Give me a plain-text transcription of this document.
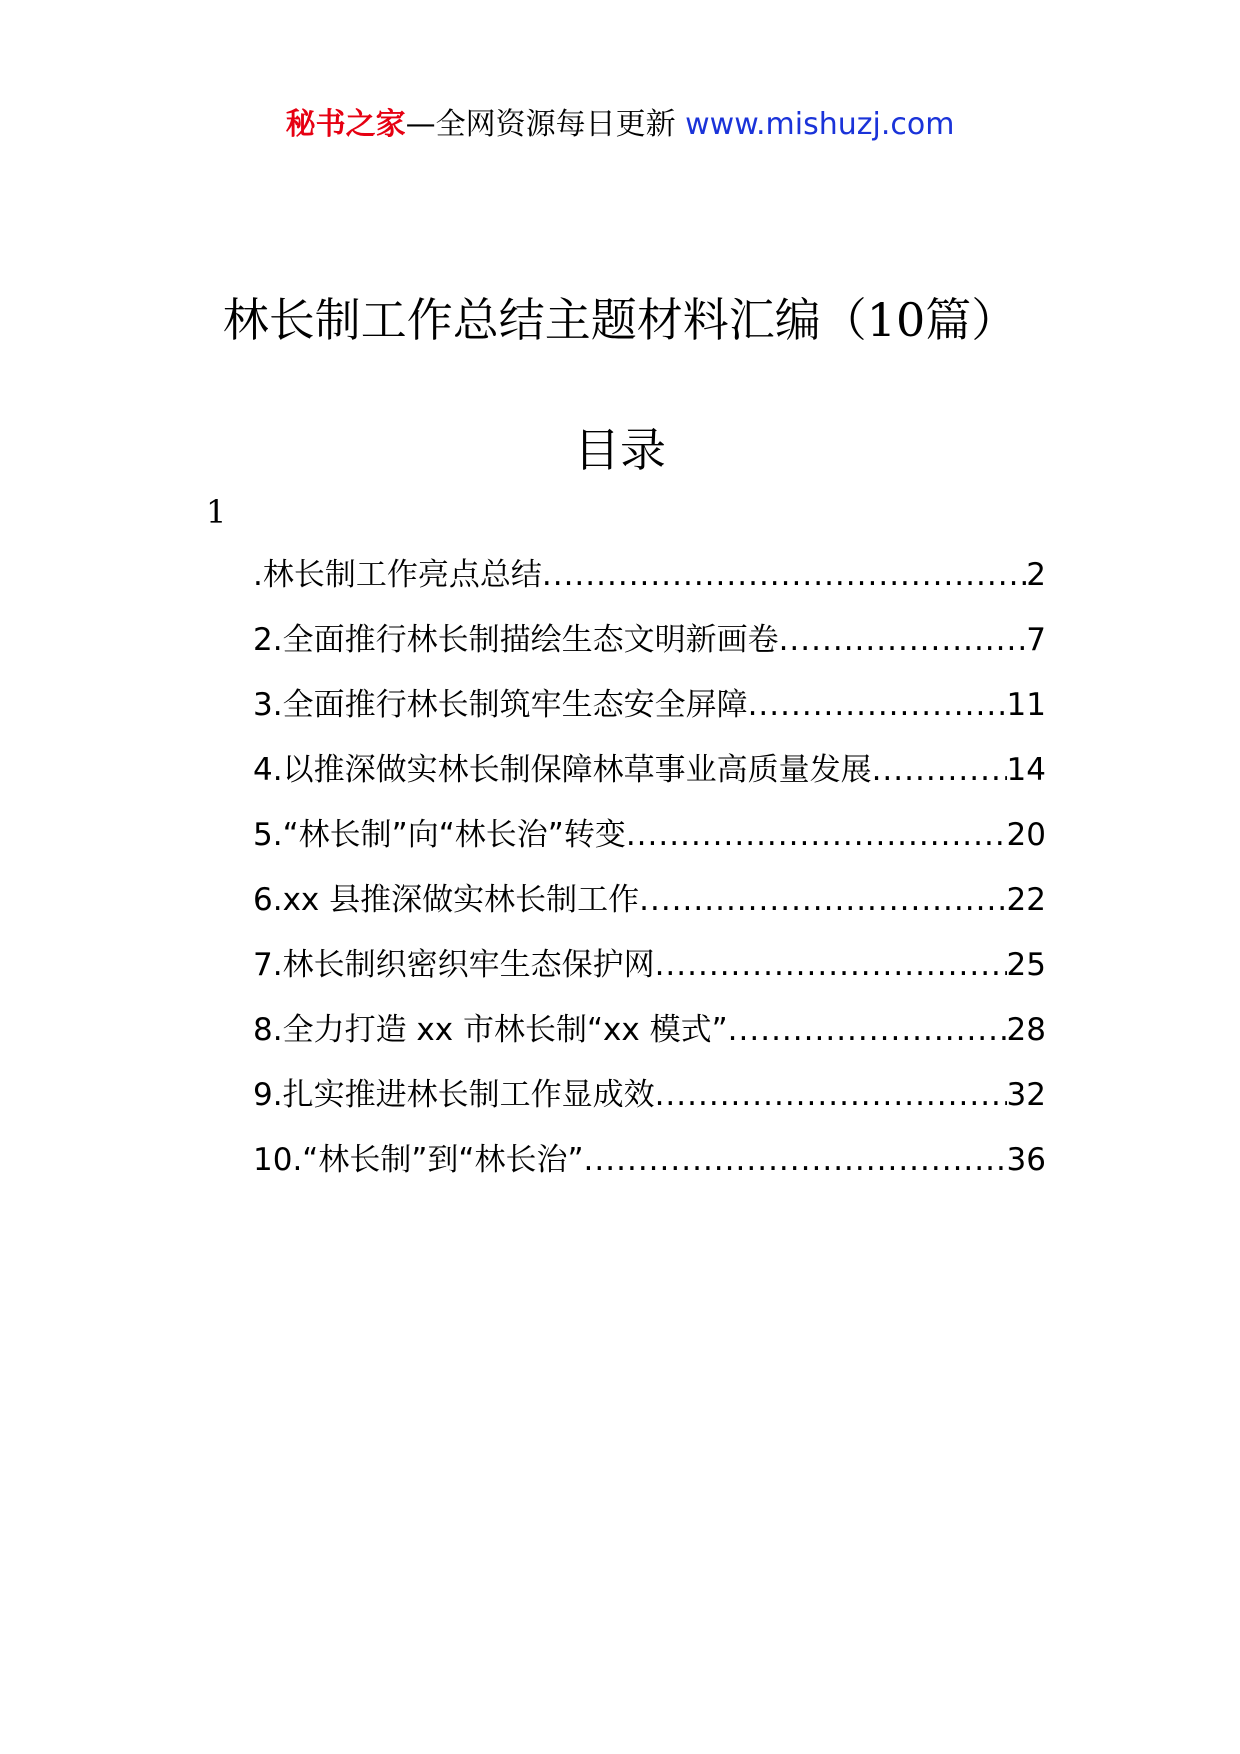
秘书之家—全网资源每日更新 www.mishuzj.com
林长制工作总结主题材料汇编（10篇）
目录
1
.林长制工作亮点总结 .....	2
2.全面推行林长制描绘生态文明新画卷 .....	7
3.全面推行林长制筑牢生态安全屏障 .....	11
4.以推深做实林长制保障林草事业高质量发展 .....	14
5.“林长制”向“林长治”转变 .....	20
6.xx 县推深做实林长制工作 .....	22
7.林长制织密织牢生态保护网 .....	25
8.全力打造 xx 市林长制“xx 模式” .....	28
9.扎实推进林长制工作显成效 .....	32
10.“林长制”到“林长治” .....	36
